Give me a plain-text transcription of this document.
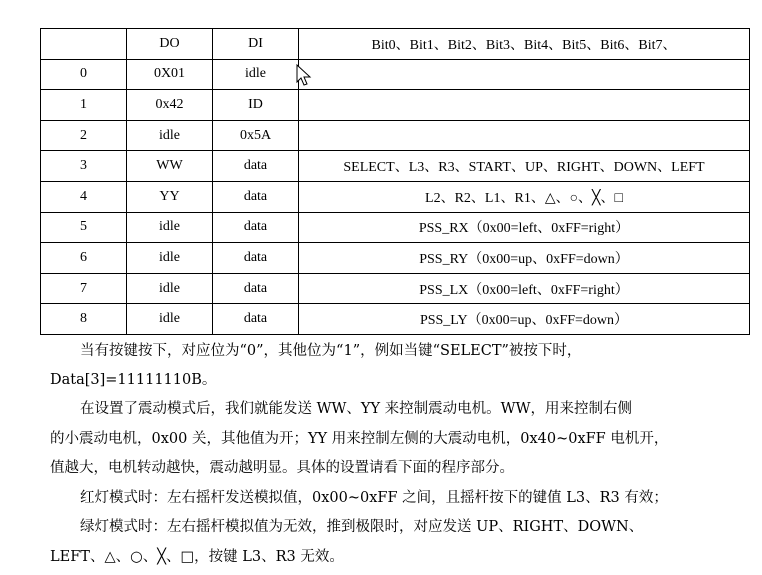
	DO	DI	Bit0、Bit1、Bit2、Bit3、Bit4、Bit5、Bit6、Bit7、
0	0X01	idle	
1	0x42	ID	
2	idle	0x5A	
3	WW	data	SELECT、L3、R3、START、UP、RIGHT、DOWN、LEFT
4	YY	data	L2、R2、L1、R1、△、○、╳、□
5	idle	data	PSS_RX（0x00=left、0xFF=right）
6	idle	data	PSS_RY（0x00=up、0xFF=down）
7	idle	data	PSS_LX（0x00=left、0xFF=right）
8	idle	data	PSS_LY（0x00=up、0xFF=down）

当有按键按下，对应位为“0”，其他位为“1”，例如当键“SELECT”被按下时，

Data[3]=11111110B。

在设置了震动模式后，我们就能发送 WW、YY 来控制震动电机。WW，用来控制右侧

的小震动电机，0x00 关，其他值为开；YY 用来控制左侧的大震动电机，0x40~0xFF 电机开，

值越大，电机转动越快，震动越明显。具体的设置请看下面的程序部分。

红灯模式时：左右摇杆发送模拟值，0x00~0xFF 之间，且摇杆按下的键值 L3、R3 有效；

绿灯模式时：左右摇杆模拟值为无效，推到极限时，对应发送 UP、RIGHT、DOWN、

LEFT、△、○、╳、□，按键 L3、R3 无效。
